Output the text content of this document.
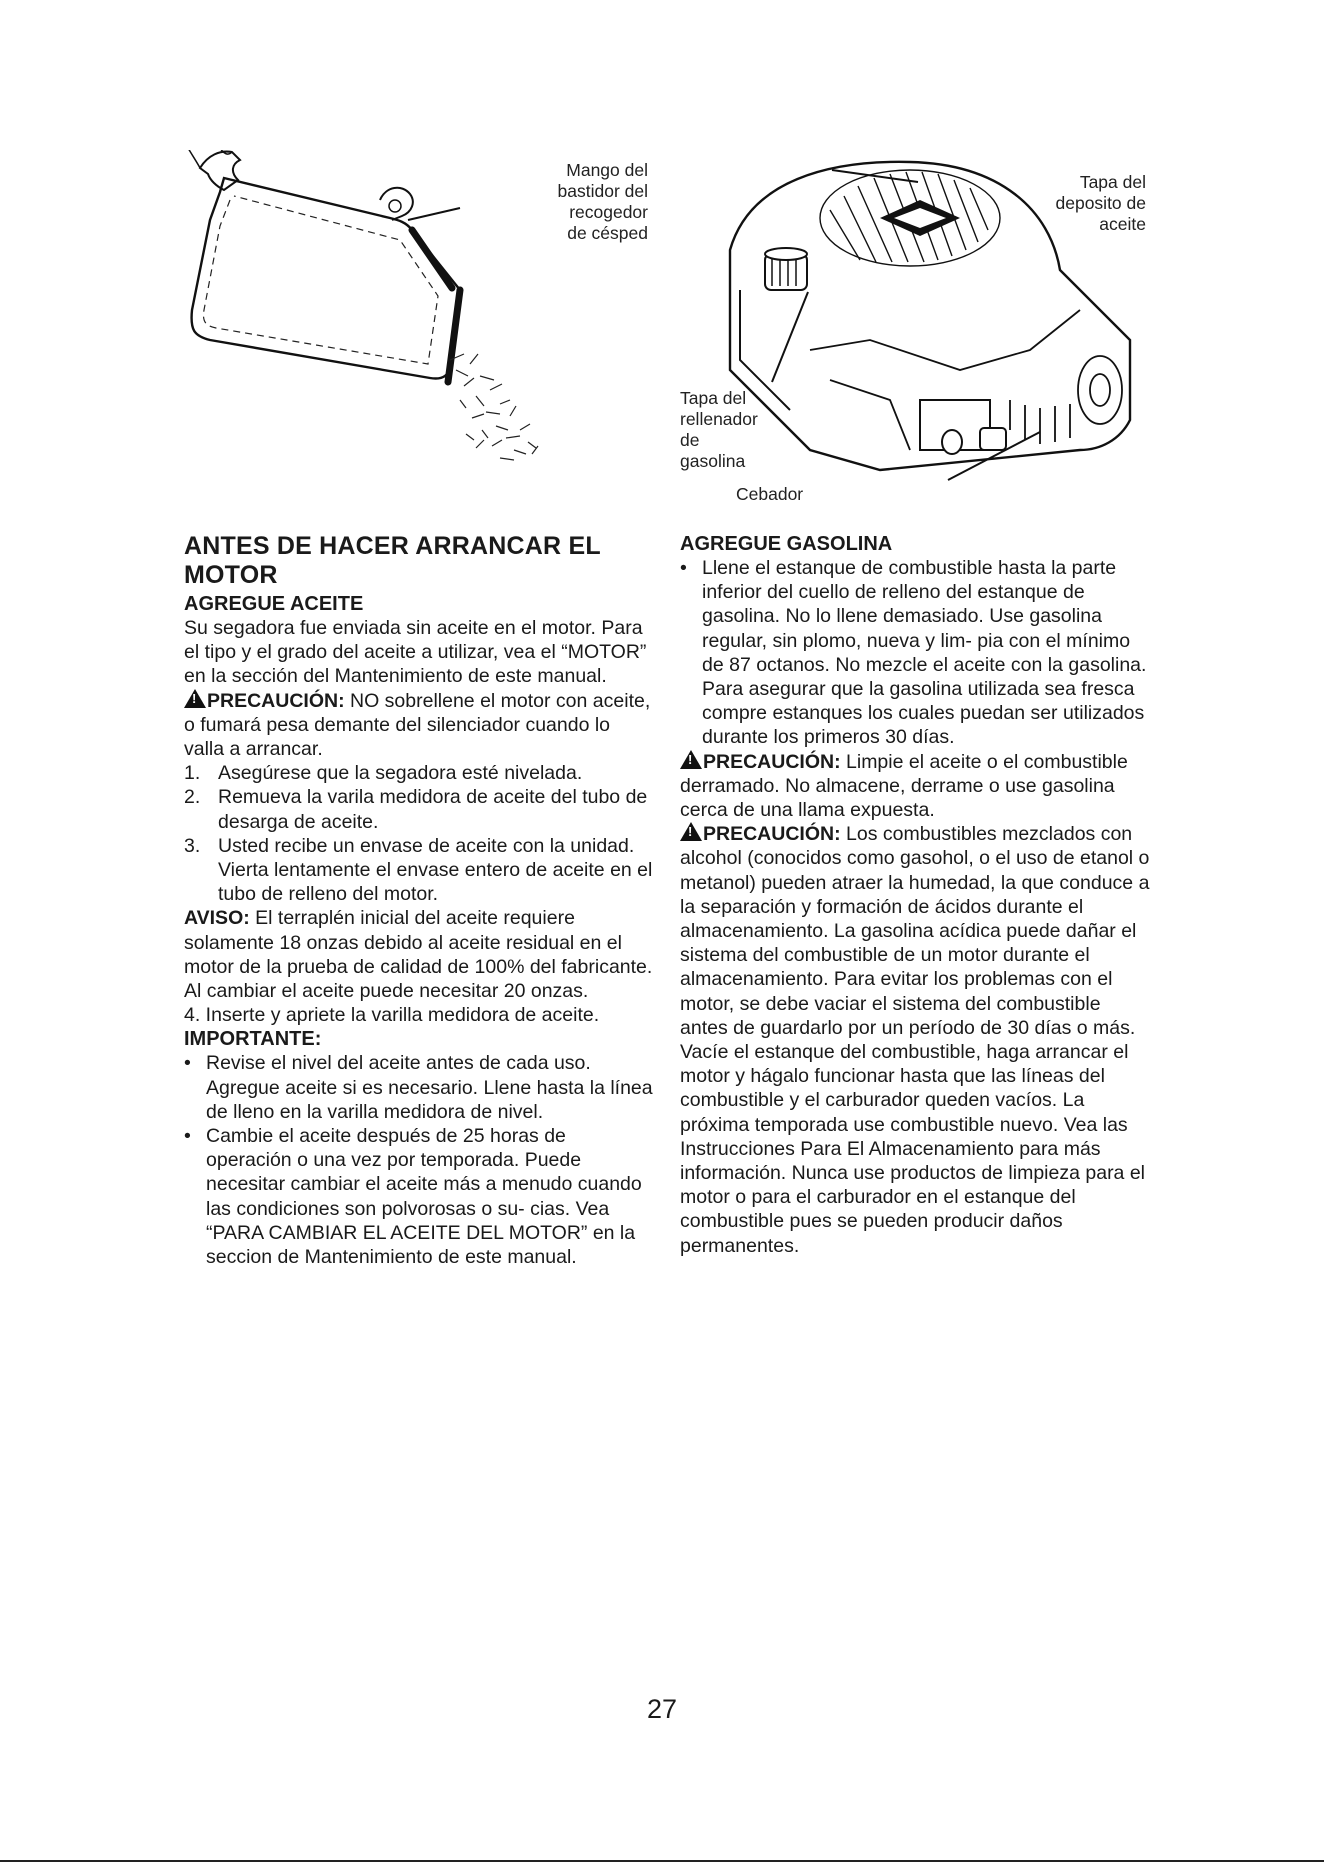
Mango del
bastidor del
recogedor
de césped
Tapa del
deposito de
aceite
Tapa del
rellenador
de
gasolina
Cebador
ANTES DE HACER ARRANCAR EL MOTOR
AGREGUE ACEITE

Su segadora fue enviada sin aceite en el motor. Para el tipo y el grado del aceite a utilizar, vea el “MOTOR” en la sección del Mantenimiento de este manual.

!PRECAUCIÓN: NO sobrellene el motor con aceite, o fumará pesa demante del silenciador cuando lo valla a arrancar.

1. Asegúrese que la segadora esté nivelada.
2. Remueva la varila medidora de aceite del tubo de desarga de aceite.
3. Usted recibe un envase de aceite con la unidad. Vierta lentamente el envase entero de aceite en el tubo de relleno del motor.

AVISO: El terraplén inicial del aceite requiere solamente 18 onzas debido al aceite residual en el motor de la prueba de calidad de 100% del fabricante. Al cambiar el aceite puede necesitar 20 onzas.

4. Inserte y apriete la varilla medidora de aceite.

IMPORTANTE:
• Revise el nivel del aceite antes de cada uso. Agregue aceite si es necesario. Llene hasta la línea de lleno en la varilla medidora de nivel.
• Cambie el aceite después de 25 horas de operación o una vez por temporada. Puede necesitar cambiar el aceite más a menudo cuando las condiciones son polvorosas o su- cias. Vea “PARA CAMBIAR EL ACEITE DEL MOTOR” en la seccion de Mantenimiento de este manual.
AGREGUE GASOLINA
• Llene el estanque de combustible hasta la parte inferior del cuello de relleno del estanque de gasolina. No lo llene demasiado. Use gasolina regular, sin plomo, nueva y lim- pia con el mínimo de 87 octanos. No mezcle el aceite con la gasolina. Para asegurar que la gasolina utilizada sea fresca compre estanques los cuales puedan ser utilizados durante los primeros 30 días.

!PRECAUCIÓN: Limpie el aceite o el combustible derramado. No almacene, derrame o use gasolina cerca de una llama expuesta.

!PRECAUCIÓN: Los combustibles mezclados con alcohol (conocidos como gasohol, o el uso de etanol o metanol) pueden atraer la humedad, la que conduce a la separación y formación de ácidos durante el almacenamiento. La gasolina acídica puede dañar el sistema del combustible de un motor durante el almacenamiento. Para evitar los problemas con el motor, se debe vaciar el sistema del combustible antes de guardarlo por un período de 30 días o más. Vacíe el estanque del combustible, haga arrancar el motor y hágalo funcionar hasta que las líneas del combustible y el carburador queden vacíos. La próxima temporada use combustible nuevo. Vea las Instrucciones Para El Almacenamiento para más información. Nunca use productos de limpieza para el motor o para el carburador en el estanque del combustible pues se pueden producir daños permanentes.

27
